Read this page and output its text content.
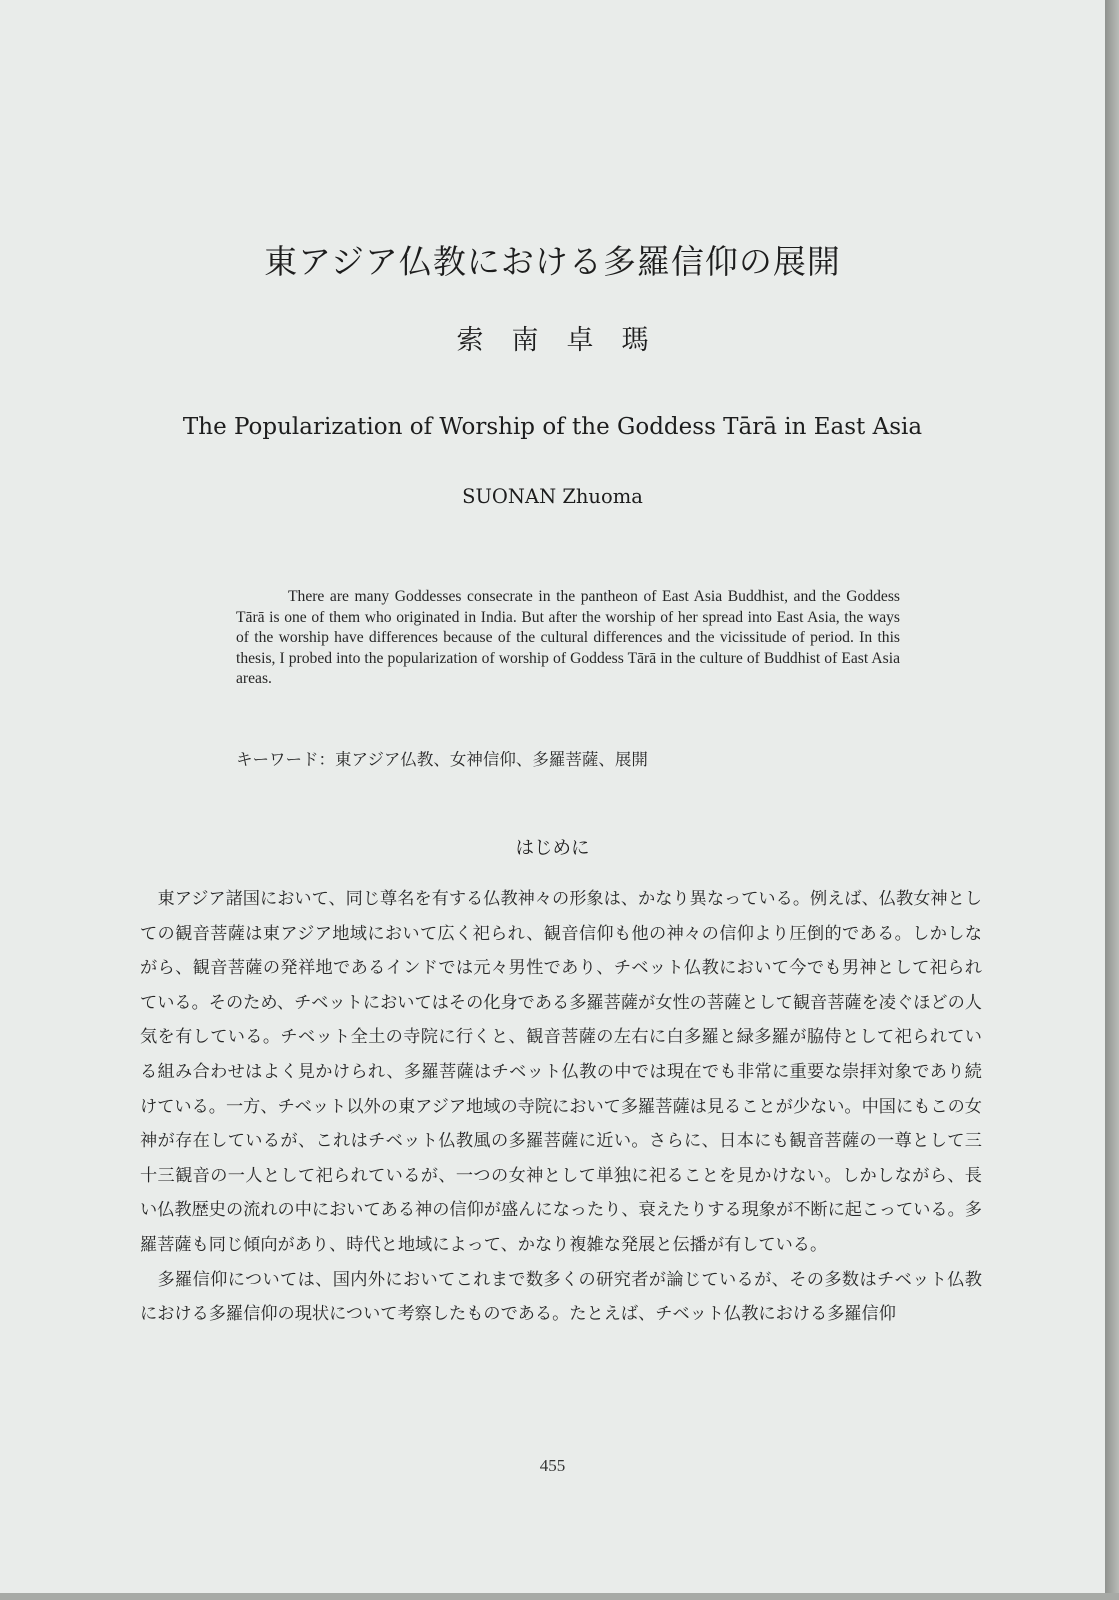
東アジア仏教における多羅信仰の展開
索南卓瑪
The Popularization of Worship of the Goddess Tārā in East Asia
SUONAN Zhuoma

There are many Goddesses consecrate in the pantheon of East Asia Buddhist, and the Goddess Tārā is one of them who originated in India. But after the worship of her spread into East Asia, the ways of the worship have differences because of the cultural differences and the vicissitude of period. In this thesis, I probed into the popularization of worship of Goddess Tārā in the culture of Buddhist of East Asia areas.

キーワード：東アジア仏教、女神信仰、多羅菩薩、展開
はじめに

東アジア諸国において、同じ尊名を有する仏教神々の形象は、かなり異なっている。例えば、仏教女神としての観音菩薩は東アジア地域において広く祀られ、観音信仰も他の神々の信仰より圧倒的である。しかしながら、観音菩薩の発祥地であるインドでは元々男性であり、チベット仏教において今でも男神として祀られている。そのため、チベットにおいてはその化身である多羅菩薩が女性の菩薩として観音菩薩を凌ぐほどの人気を有している。チベット全土の寺院に行くと、観音菩薩の左右に白多羅と緑多羅が脇侍として祀られている組み合わせはよく見かけられ、多羅菩薩はチベット仏教の中では現在でも非常に重要な崇拝対象であり続けている。一方、チベット以外の東アジア地域の寺院において多羅菩薩は見ることが少ない。中国にもこの女神が存在しているが、これはチベット仏教風の多羅菩薩に近い。さらに、日本にも観音菩薩の一尊として三十三観音の一人として祀られているが、一つの女神として単独に祀ることを見かけない。しかしながら、長い仏教歴史の流れの中においてある神の信仰が盛んになったり、衰えたりする現象が不断に起こっている。多羅菩薩も同じ傾向があり、時代と地域によって、かなり複雑な発展と伝播が有している。

多羅信仰については、国内外においてこれまで数多くの研究者が論じているが、その多数はチベット仏教における多羅信仰の現状について考察したものである。たとえば、チベット仏教における多羅信仰

455
